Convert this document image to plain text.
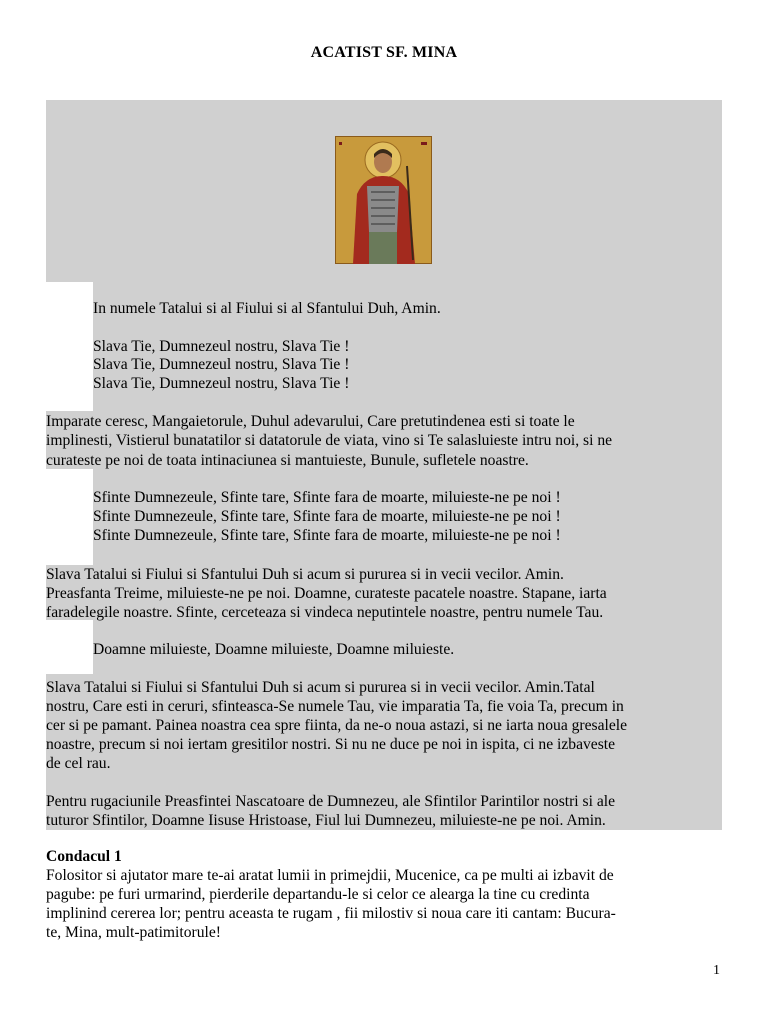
ACATIST SF. MINA
In numele Tatalui si al Fiului si al Sfantului Duh, Amin.
Slava Tie, Dumnezeul nostru, Slava Tie !
Slava Tie, Dumnezeul nostru, Slava Tie !
Slava Tie, Dumnezeul nostru, Slava Tie !
Imparate ceresc, Mangaietorule, Duhul adevarului, Care pretutindenea esti si toate le
implinesti, Vistierul bunatatilor si datatorule de viata, vino si Te salasluieste intru noi, si ne
curateste pe noi de toata intinaciunea si mantuieste, Bunule, sufletele noastre.
Sfinte Dumnezeule, Sfinte tare, Sfinte fara de moarte, miluieste-ne pe noi !
Sfinte Dumnezeule, Sfinte tare, Sfinte fara de moarte, miluieste-ne pe noi !
Sfinte Dumnezeule, Sfinte tare, Sfinte fara de moarte, miluieste-ne pe noi !
Slava Tatalui si Fiului si Sfantului Duh si acum si pururea si in vecii vecilor. Amin.
Preasfanta Treime, miluieste-ne pe noi. Doamne, curateste pacatele noastre. Stapane, iarta
faradelegile noastre. Sfinte, cerceteaza si vindeca neputintele noastre, pentru numele Tau.
Doamne miluieste, Doamne miluieste, Doamne miluieste.
Slava Tatalui si Fiului si Sfantului Duh si acum si pururea si in vecii vecilor. Amin.Tatal
nostru, Care esti in ceruri, sfinteasca-Se numele Tau, vie imparatia Ta, fie voia Ta, precum in
cer si pe pamant. Painea noastra cea spre fiinta, da ne-o noua astazi, si ne iarta noua gresalele
noastre, precum si noi iertam gresitilor nostri. Si nu ne duce pe noi in ispita, ci ne izbaveste
de cel rau.
Pentru rugaciunile Preasfintei Nascatoare de Dumnezeu, ale Sfintilor Parintilor nostri si ale
tuturor Sfintilor, Doamne Iisuse Hristoase, Fiul lui Dumnezeu, miluieste-ne pe noi. Amin.
Condacul 1
Folositor si ajutator mare te-ai aratat lumii in primejdii, Mucenice, ca pe multi ai izbavit de
pagube: pe furi urmarind, pierderile departandu-le si celor ce alearga la tine cu credinta
implinind cererea lor; pentru aceasta te rugam , fii milostiv si noua care iti cantam: Bucura-
te, Mina, mult-patimitorule!
1
